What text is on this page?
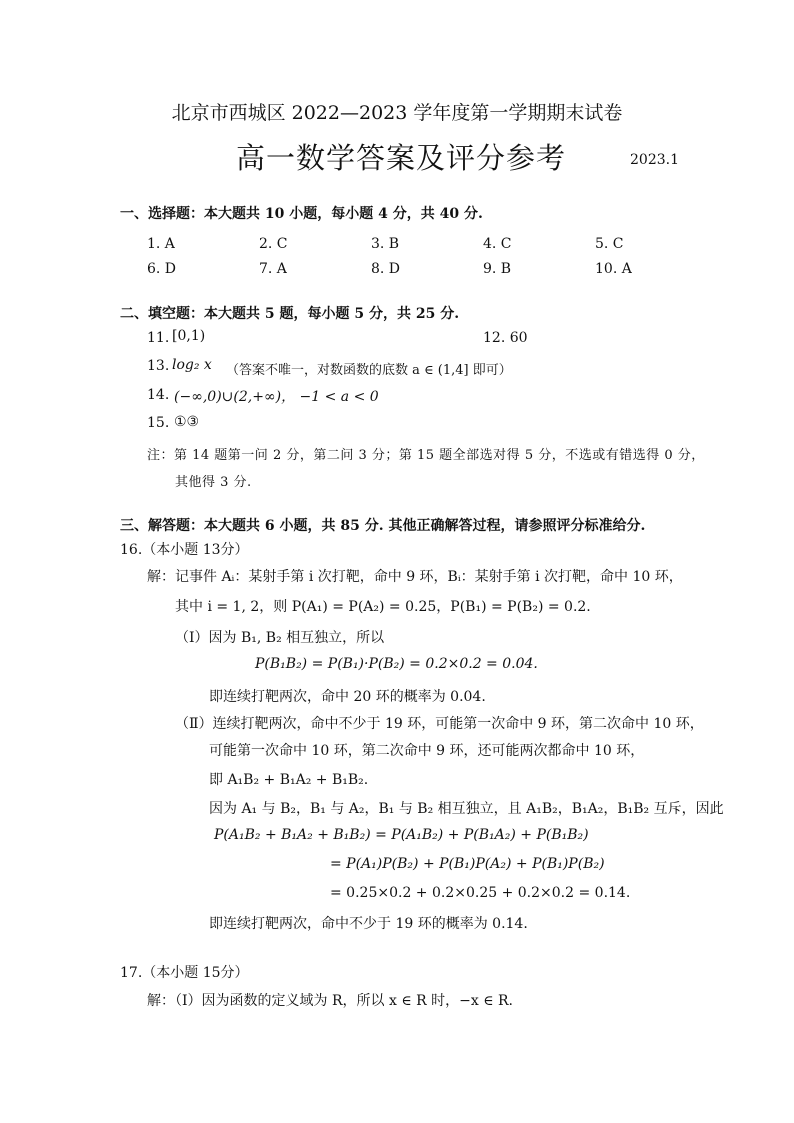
北京市西城区 2022—2023 学年度第一学期期末试卷
高一数学答案及评分参考	2023.1
一、选择题：本大题共 10 小题，每小题 4 分，共 40 分.
1. A	2. C	3. B	4. C	5. C
6. D	7. A	8. D	9. B	10. A
二、填空题：本大题共 5 题，每小题 5 分，共 25 分.
11. [0,1)	12. 60
13. log₂ x （答案不唯一，对数函数的底数 a ∈ (1,4] 即可）
14. (−∞,0)∪(2,+∞)， −1 < a < 0
15. ①③
注：第 14 题第一问 2 分，第二问 3 分；第 15 题全部选对得 5 分，不选或有错选得 0 分，
其他得 3 分.
三、解答题：本大题共 6 小题，共 85 分. 其他正确解答过程，请参照评分标准给分.
16.（本小题 13分）
解：记事件 Aᵢ：某射手第 i 次打靶，命中 9 环，Bᵢ：某射手第 i 次打靶，命中 10 环，
其中 i = 1, 2，则 P(A₁) = P(A₂) = 0.25，P(B₁) = P(B₂) = 0.2.
（Ⅰ）因为 B₁, B₂ 相互独立，所以
P(B₁B₂) = P(B₁)·P(B₂) = 0.2×0.2 = 0.04.
即连续打靶两次，命中 20 环的概率为 0.04.
（Ⅱ）连续打靶两次，命中不少于 19 环，可能第一次命中 9 环，第二次命中 10 环，
可能第一次命中 10 环，第二次命中 9 环，还可能两次都命中 10 环，
即 A₁B₂ + B₁A₂ + B₁B₂.
因为 A₁ 与 B₂，B₁ 与 A₂，B₁ 与 B₂ 相互独立，且 A₁B₂，B₁A₂，B₁B₂ 互斥，因此
P(A₁B₂ + B₁A₂ + B₁B₂) = P(A₁B₂) + P(B₁A₂) + P(B₁B₂)
= P(A₁)P(B₂) + P(B₁)P(A₂) + P(B₁)P(B₂)
= 0.25×0.2 + 0.2×0.25 + 0.2×0.2 = 0.14.
即连续打靶两次，命中不少于 19 环的概率为 0.14.
17.（本小题 15分）
解：（Ⅰ）因为函数的定义域为 R，所以 x ∈ R 时，−x ∈ R.
